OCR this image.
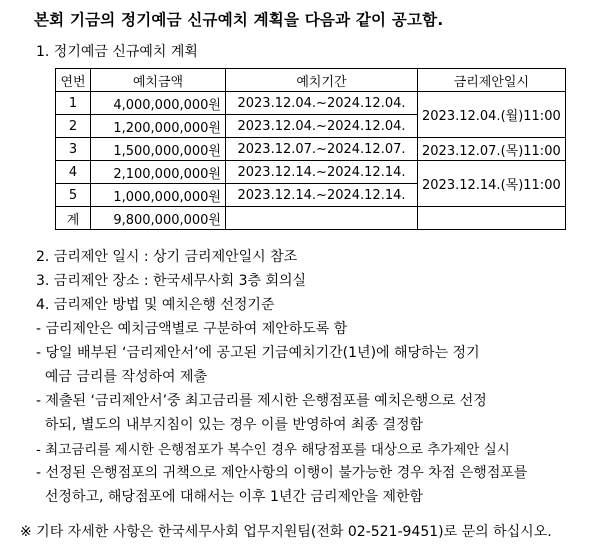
본회 기금의 정기예금 신규예치 계획을 다음과 같이 공고함.
1. 정기예금 신규예치 계획
연번	예치금액	예치기간	금리제안일시
1	4,000,000,000원	2023.12.04.~2024.12.04.	2023.12.04.(월)11:00
2	1,200,000,000원	2023.12.04.~2024.12.04.	
3	1,500,000,000원	2023.12.07.~2024.12.07.	2023.12.07.(목)11:00
4	2,100,000,000원	2023.12.14.~2024.12.14.	2023.12.14.(목)11:00
5	1,000,000,000원	2023.12.14.~2024.12.14.	
계	9,800,000,000원		
2. 금리제안 일시 : 상기 금리제안일시 참조
3. 금리제안 장소 : 한국세무사회 3층 회의실
4. 금리제안 방법 및 예치은행 선정기준
- 금리제안은 예치금액별로 구분하여 제안하도록 함
- 당일 배부된 ‘금리제안서’에 공고된 기금예치기간(1년)에 해당하는 정기
예금 금리를 작성하여 제출
- 제출된 ‘금리제안서’중 최고금리를 제시한 은행점포를 예치은행으로 선정
하되, 별도의 내부지침이 있는 경우 이를 반영하여 최종 결정함
- 최고금리를 제시한 은행점포가 복수인 경우 해당점포를 대상으로 추가제안 실시
- 선정된 은행점포의 귀책으로 제안사항의 이행이 불가능한 경우 차점 은행점포를
선정하고, 해당점포에 대해서는 이후 1년간 금리제안을 제한함
※ 기타 자세한 사항은 한국세무사회 업무지원팀(전화 02-521-9451)로 문의 하십시오.
